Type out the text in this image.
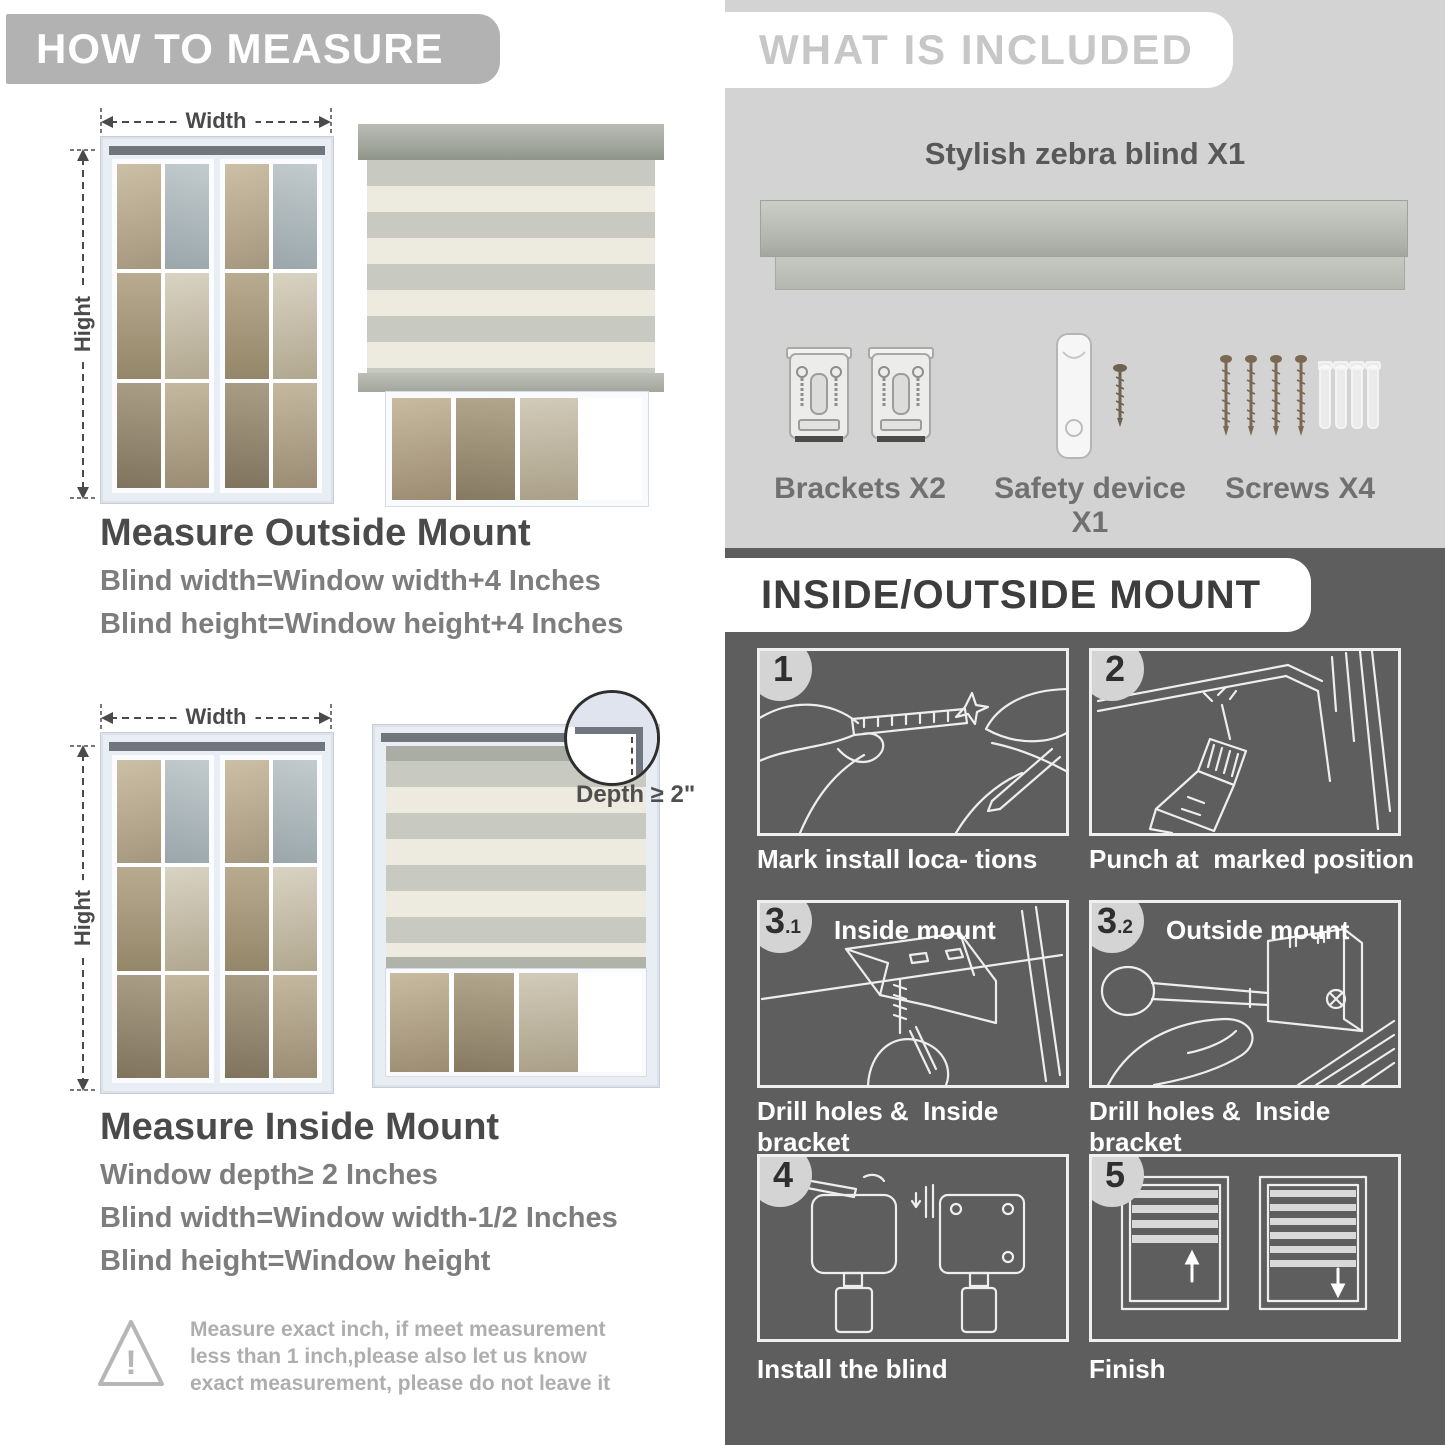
HOW TO MEASURE
Width
Hight
Measure Outside Mount
Blind width=Window width+4 Inches
Blind height=Window height+4 Inches
Width
Hight
Depth ≥ 2"
Measure Inside Mount
Window depth≥ 2 Inches
Blind width=Window width-1/2 Inches
Blind height=Window height
!
Measure exact inch, if meet measurement less than 1 inch,please also let us know exact measurement, please do not leave it
WHAT IS INCLUDED
Stylish zebra blind X1
Brackets X2	Safety device X1
Screws X4
INSIDE/OUTSIDE MOUNT
1
Mark install loca- tions
2
Punch at  marked position
3 .1 Inside mount
Drill holes &  Inside bracket
3 .2 Outside mount
Drill holes &  Inside bracket
4
Install the blind
5
Finish
